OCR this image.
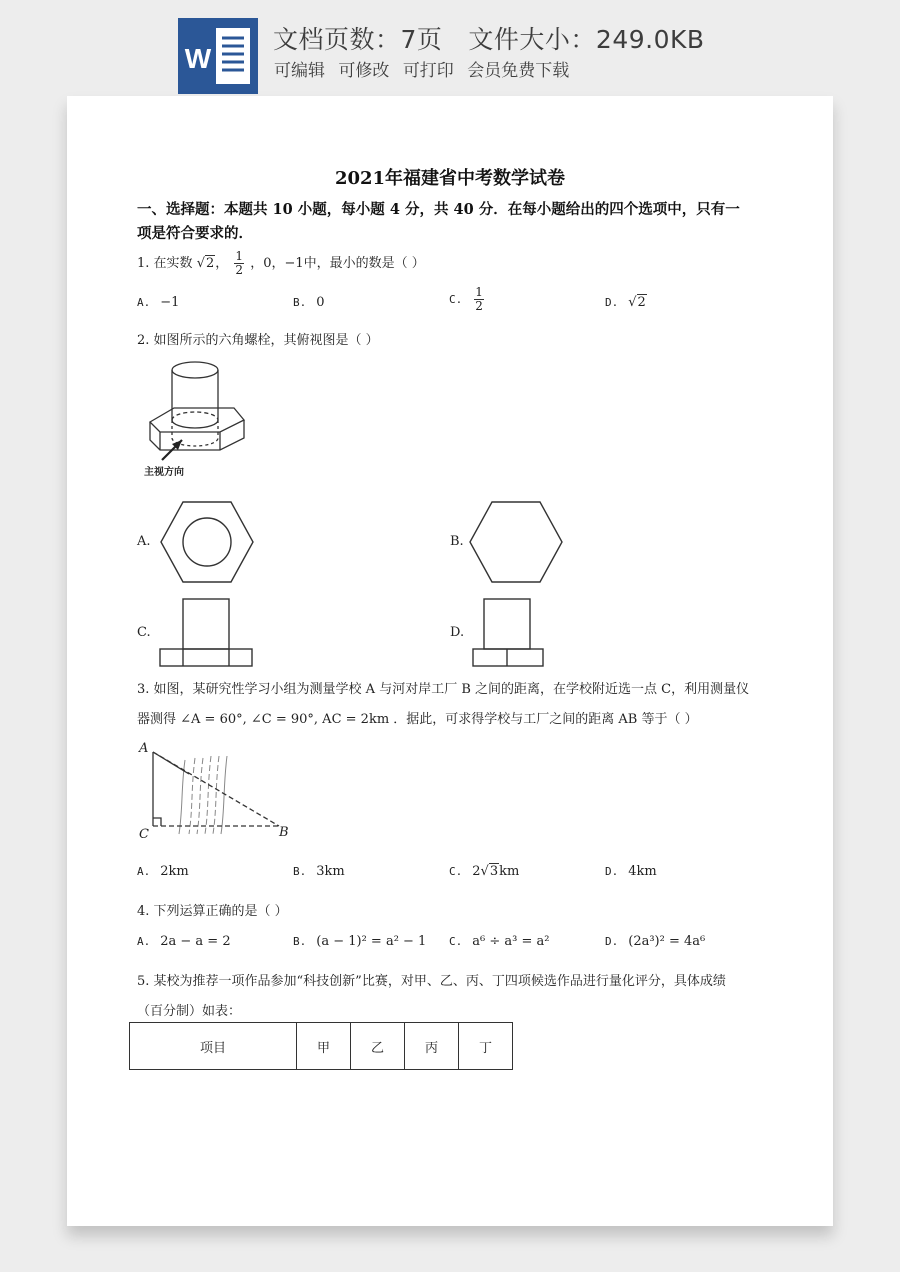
W
文档页数：7页 文件大小：249.0KB
可编辑 可修改 可打印 会员免费下载
2021年福建省中考数学试卷
一、选择题：本题共 10 小题，每小题 4 分，共 40 分．在每小题给出的四个选项中，只有一
项是符合要求的．
1. 在实数 √2， $\frac{1}{2}$ ，0，−1中，最小的数是（ ）
A. −1	B. 0	C. $\frac{1}{2}$	D. √2
2. 如图所示的六角螺栓，其俯视图是（ ）
主视方向
A.	B.
C.	D.
3. 如图，某研究性学习小组为测量学校 A 与河对岸工厂 B 之间的距离，在学校附近选一点 C，利用测量仪
器测得 ∠A = 60°, ∠C = 90°, AC = 2km ．据此，可求得学校与工厂之间的距离 AB 等于（ ）
A
C	B
A. 2km	B. 3km	C. 2√3km	D. 4km
4. 下列运算正确的是（ ）
A. 2a − a = 2	B. (a − 1)² = a² − 1 C. a⁶ ÷ a³ = a²	D. (2a³)² = 4a⁶
5. 某校为推荐一项作品参加“科技创新”比赛，对甲、乙、丙、丁四项候选作品进行量化评分，具体成绩
（百分制）如表：
项目	甲	乙	丙	丁
